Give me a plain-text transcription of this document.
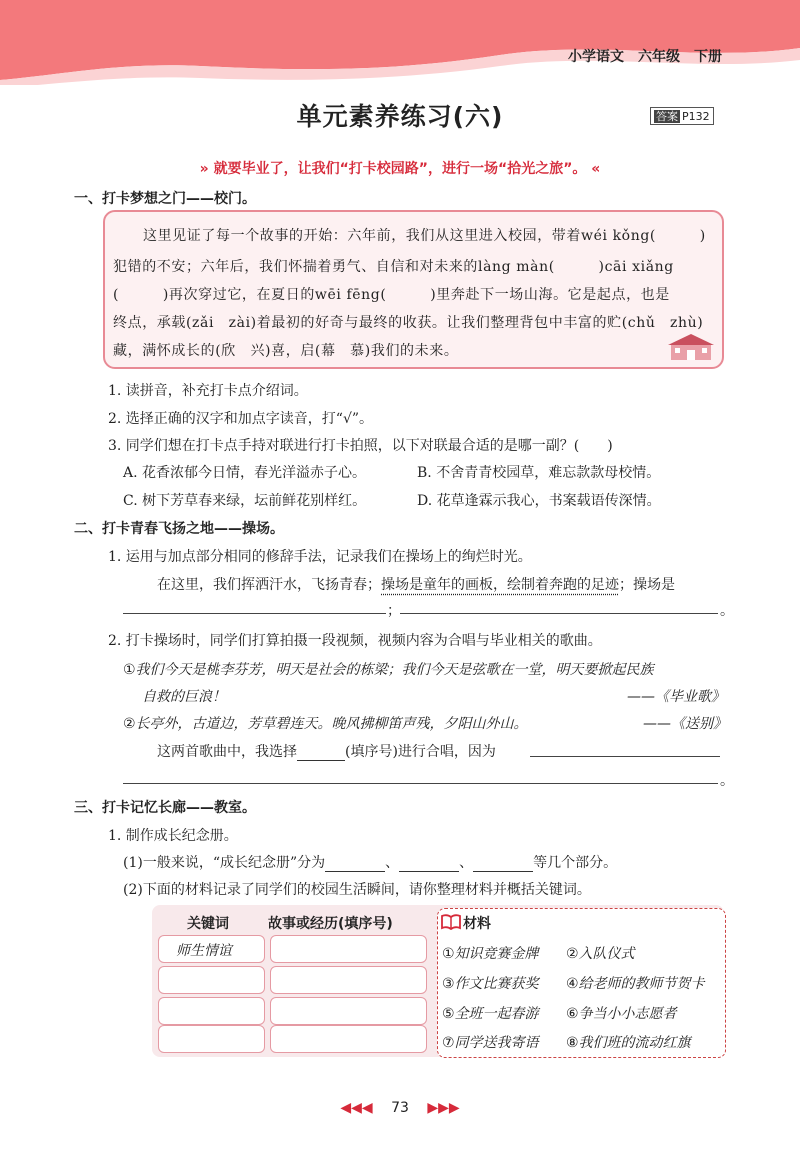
小学语文　六年级　下册
单元素养练习(六)	答案 P132
» 就要毕业了，让我们“打卡校园路”，进行一场“拾光之旅”。 «
一、打卡梦想之门——校门。
这里见证了每一个故事的开始：六年前，我们从这里进入校园，带着wéi kǒng(　　　)
犯错的不安；六年后，我们怀揣着勇气、自信和对未来的làng màn(　　　)cāi xiǎng
(　　　)再次穿过它，在夏日的wēi fēng(　　　)里奔赴下一场山海。它是起点，也是
终点，承载(zǎi　zài)着最初的好奇与最终的收获。让我们整理背包中丰富的贮(chǔ　zhù)
藏，满怀成长的(欣　兴)喜，启(幕　慕)我们的未来。
1. 读拼音，补充打卡点介绍词。
2. 选择正确的汉字和加点字读音，打“√”。
3. 同学们想在打卡点手持对联进行打卡拍照，以下对联最合适的是哪一副？(　　)
A. 花香浓郁今日情，春光洋溢赤子心。	B. 不舍青青校园草，难忘款款母校情。
C. 树下芳草春来绿，坛前鲜花别样红。	D. 花草逢霖示我心，书案载语传深情。
二、打卡青春飞扬之地——操场。
1. 运用与加点部分相同的修辞手法，记录我们在操场上的绚烂时光。
在这里，我们挥洒汗水，飞扬青春；操场是童年的画板，绘制着奔跑的足迹；操场是
；	。
2. 打卡操场时，同学们打算拍摄一段视频，视频内容为合唱与毕业相关的歌曲。
①我们今天是桃李芬芳，明天是社会的栋梁；我们今天是弦歌在一堂，明天要掀起民族
自救的巨浪！	——《毕业歌》
②长亭外，古道边，芳草碧连天。晚风拂柳笛声残，夕阳山外山。	——《送别》
这两首歌曲中，我选择	(填序号)进行合唱，因为
。
三、打卡记忆长廊——教室。
1. 制作成长纪念册。
(1)一般来说，“成长纪念册”分为	、	、	等几个部分。
(2)下面的材料记录了同学们的校园生活瞬间，请你整理材料并概括关键词。
关键词	故事或经历(填序号)
师生情谊
材料
①知识竞赛金牌 ②入队仪式
③作文比赛获奖 ④给老师的教师节贺卡
⑤全班一起春游 ⑥争当小小志愿者
⑦同学送我寄语 ⑧我们班的流动红旗
◀◀◀ 73 ▶▶▶
